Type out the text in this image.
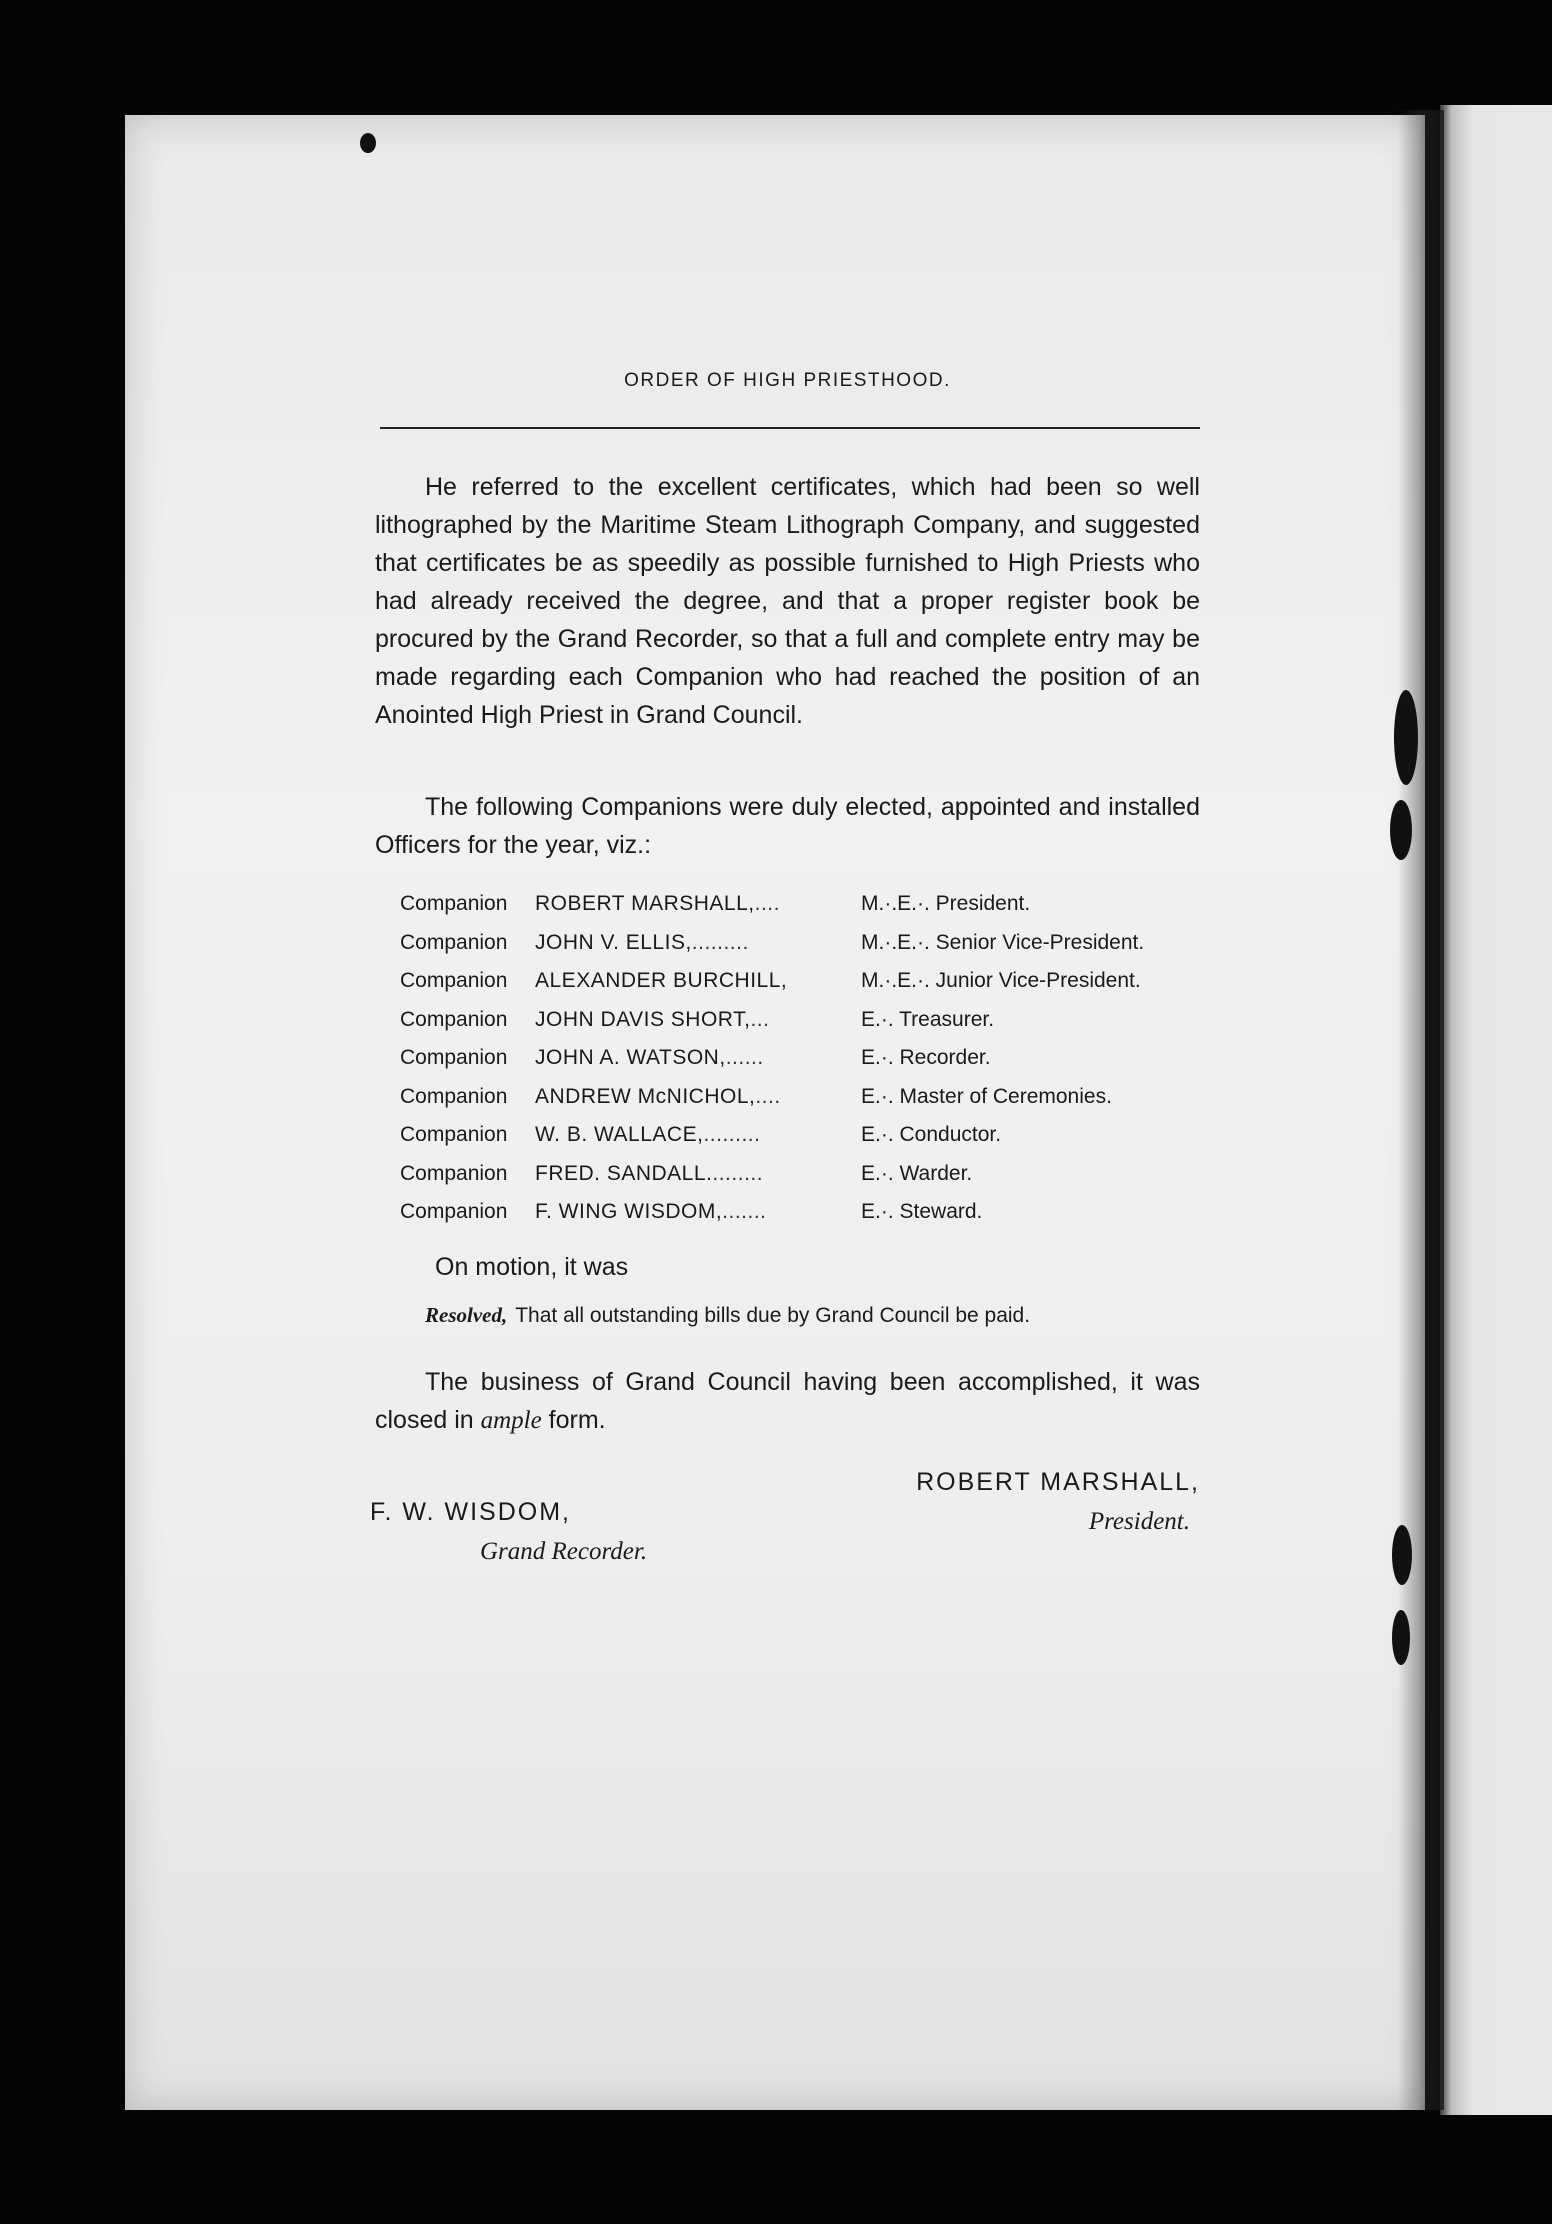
ORDER OF HIGH PRIESTHOOD.

He referred to the excellent certificates, which had been so well lithographed by the Maritime Steam Lithograph Company, and suggested that certificates be as speedily as possible furnished to High Priests who had already received the degree, and that a proper register book be procured by the Grand Recorder, so that a full and complete entry may be made regarding each Companion who had reached the position of an Anointed High Priest in Grand Council.

The following Companions were duly elected, appointed and installed Officers for the year, viz.:

Companion	ROBERT MARSHALL,....	M.·.E.·. President.
Companion	JOHN V. ELLIS,.........	M.·.E.·. Senior Vice-President.
Companion	ALEXANDER BURCHILL,	M.·.E.·. Junior Vice-President.
Companion	JOHN DAVIS SHORT,...	E.·. Treasurer.
Companion	JOHN A. WATSON,......	E.·. Recorder.
Companion	ANDREW McNICHOL,....	E.·. Master of Ceremonies.
Companion	W. B. WALLACE,.........	E.·. Conductor.
Companion	FRED. SANDALL.........	E.·. Warder.
Companion	F. WING WISDOM,.......	E.·. Steward.
On motion, it was
Resolved, That all outstanding bills due by Grand Council be paid.

The business of Grand Council having been accomplished, it was closed in ample form.

ROBERT MARSHALL,
President.
F. W. WISDOM,
Grand Recorder.
